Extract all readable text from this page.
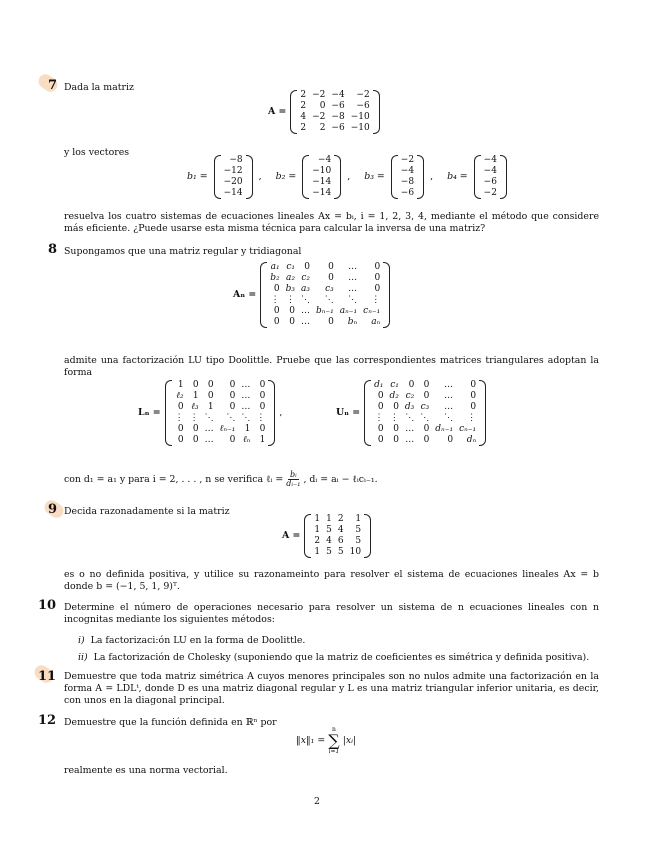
7 Dada la matriz
A =
2	−2	−4	−2
2	0	−6	−6
4	−2	−8	−10
2	2	−6	−10
y los vectores
b₁ =
−8
−12
−20
−14
, b₂ =
−4
−10
−14
−14
, b₃ =
−2
−4
−8
−6
, b₄ =
−4
−4
−6
−2
resuelva los cuatro sistemas de ecuaciones lineales Ax = bᵢ, i = 1, 2, 3, 4, mediante el método que considere más eficiente. ¿Puede usarse esta misma técnica para calcular la inversa de una matriz?
8 Supongamos que una matriz regular y tridiagonal
Aₙ =
a₁	c₁	0	0	…	0
b₂	a₂	c₂	0	…	0
0	b₃	a₃	c₃	…	0
⋮	⋮	⋱	⋱	⋱	⋮
0	0	…	bₙ₋₁	aₙ₋₁	cₙ₋₁
0	0	…	0	bₙ	aₙ
admite una factorización LU tipo Doolittle. Pruebe que las correspondientes matrices triangulares adoptan la forma
Lₙ =
1	0	0	0	…	0
ℓ₂	1	0	0	…	0
0	ℓ₃	1	0	…	0
⋮	⋮	⋱	⋱	⋱	⋮
0	0	…	ℓₙ₋₁	1	0
0	0	…	0	ℓₙ	1
,	Uₙ =
d₁	c₁	0	0	…	0
0	d₂	c₂	0	…	0
0	0	d₃	c₃	…	0
⋮	⋮	⋱	⋱	⋱	⋮
0	0	…	0	dₙ₋₁	cₙ₋₁
0	0	…	0	0	dₙ
con d₁ = a₁ y para i = 2, . . . , n se verifica ℓᵢ = $\frac{\text{bᵢ}}{\text{dᵢ₋₁}}$ , dᵢ = aᵢ − ℓᵢcᵢ₋₁.
9 Decida razonadamente si la matriz
A =
1	1	2	1
1	5	4	5
2	4	6	5
1	5	5	10
es o no definida positiva, y utilice su razonameinto para resolver el sistema de ecuaciones lineales Ax = b donde b = (−1, 5, 1, 9)ᵀ.
10 Determine el número de operaciones necesario para resolver un sistema de n ecuaciones lineales con n incognitas mediante los siguientes métodos:
i) La factorizaci:ón LU en la forma de Doolittle.
ii) La factorización de Cholesky (suponiendo que la matriz de coeficientes es simétrica y definida positiva).
11 Demuestre que toda matriz simétrica A cuyos menores principales son no nulos admite una factorización en la forma A = LDLᵗ, donde D es una matriz diagonal regular y L es una matriz triangular inferior unitaria, es decir, con unos en la diagonal principal.
12 Demuestre que la función definida en ℝⁿ por
‖x‖₁ =
n
∑
i=1
|xᵢ|
realmente es una norma vectorial.
2
